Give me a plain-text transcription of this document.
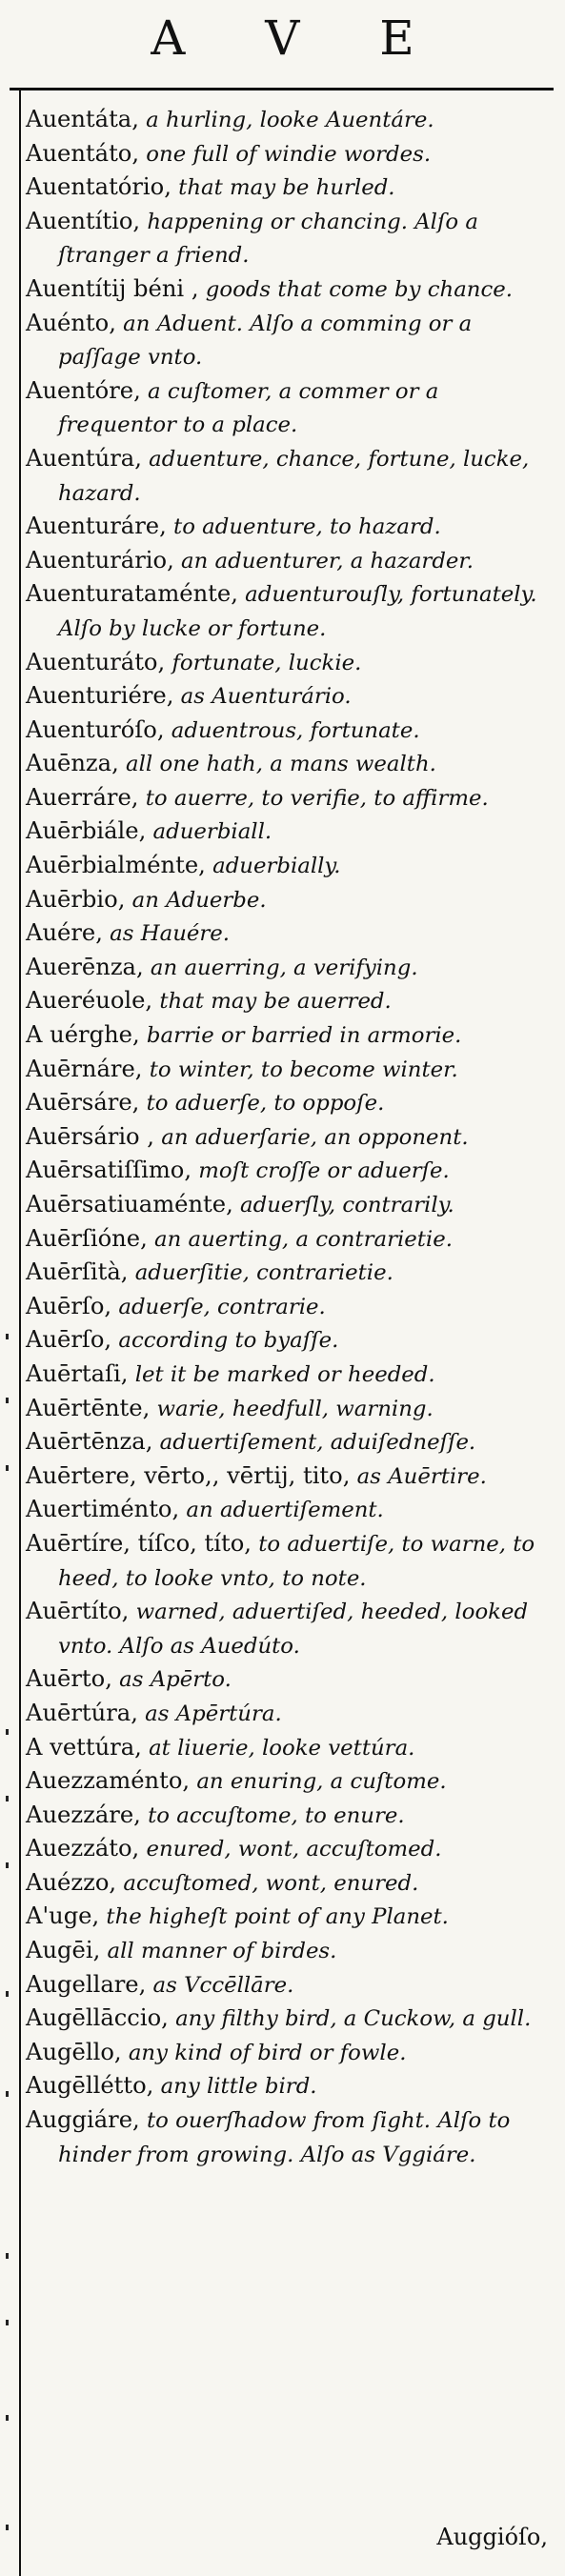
A V E

Auentáta, a hurling, looke Auentáre.

Auentáto, one full of windie wordes.

Auentatório, that may be hurled.

Auentítio, happening or chancing. Alſo a ſtranger a friend.

Auentítij béni , goods that come by chance.

Auénto, an Aduent. Alſo a comming or a paſſage vnto.

Auentóre, a cuſtomer, a commer or a frequentor to a place.

Auentúra, aduenture, chance, fortune, lucke, hazard.

Auenturáre, to aduenture, to hazard.

Auenturário, an aduenturer, a hazarder.

Auenturataménte, aduenturouſly, fortunately. Alſo by lucke or fortune.

Auenturáto, fortunate, luckie.

Auenturiére, as Auenturário.

Auenturóſo, aduentrous, fortunate.

Auēnza, all one hath, a mans wealth.

Auerráre, to auerre, to verifie, to affirme.

Auērbiále, aduerbiall.

Auērbialménte, aduerbially.

Auērbio, an Aduerbe.

Auére, as Hauére.

Auerēnza, an auerring, a verifying.

Aueréuole, that may be auerred.

A uérghe, barrie or barried in armorie.

Auērnáre, to winter, to become winter.

Auērsáre, to aduerſe, to oppoſe.

Auērsário , an aduerſarie, an opponent.

Auērsatiſſimo, moſt croſſe or aduerſe.

Auērsatiuaménte, aduerſly, contrarily.

Auērſióne, an auerting, a contrarietie.

Auērſità, aduerſitie, contrarietie.

Auērſo, aduerſe, contrarie.

Auērſo, according to byaſſe.

Auērtaſi, let it be marked or heeded.

Auērtēnte, warie, heedfull, warning.

Auērtēnza, aduertiſement, aduiſedneſſe.

Auērtere, vērto,, vērtij, tito, as Auērtire.

Auertiménto, an aduertiſement.

Auērtíre, tíſco, títo, to aduertiſe, to warne, to heed, to looke vnto, to note.

Auērtíto, warned, aduertiſed, heeded, looked vnto. Alſo as Auedúto.

Auērto, as Apērto.

Auērtúra, as Apērtúra.

A vettúra, at liuerie, looke vettúra.

Auezzaménto, an enuring, a cuſtome.

Auezzáre, to accuſtome, to enure.

Auezzáto, enured, wont, accuſtomed.

Auézzo, accuſtomed, wont, enured.

A'uge, the higheſt point of any Planet.

Augēi, all manner of birdes.

Augellare, as Vccēllāre.

Augēllāccio, any filthy bird, a Cuckow, a gull.

Augēllo, any kind of bird or fowle.

Augēllétto, any little bird.

Auggiáre, to ouerſhadow from ſight. Alſo to hinder from growing. Alſo as Vggiáre.

Auggióſo,
